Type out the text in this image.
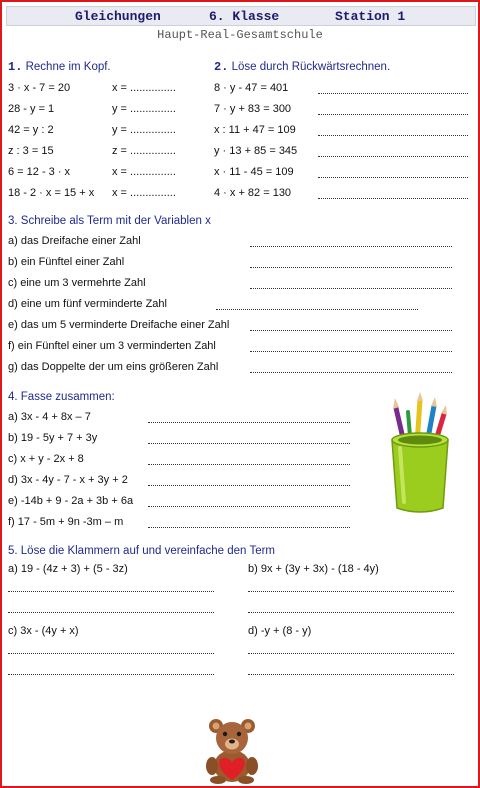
Gleichungen	6. Klasse	Station 1
Haupt-Real-Gesamtschule
1. Rechne im Kopf.
3 · x - 7 = 20	x = ...............
28 - y = 1	y = ...............
42 = y : 2	y = ...............
z : 3 = 15	z = ...............
6 = 12 - 3 · x	x = ...............
18 - 2 · x = 15 + x x = ...............
2. Löse durch Rückwärtsrechnen.
8 · y - 47 = 401
7 · y + 83 = 300
x : 11 + 47 = 109
y · 13 + 85 = 345
x · 11 - 45 = 109
4 · x + 82 = 130
3. Schreibe als Term mit der Variablen x
a) das Dreifache einer Zahl
b) ein Fünftel einer Zahl
c) eine um 3 vermehrte Zahl
d) eine um fünf verminderte Zahl
e) das um 5 verminderte Dreifache einer Zahl
f) ein Fünftel einer um 3 verminderten Zahl
g) das Doppelte der um eins größeren Zahl
4. Fasse zusammen:
a) 3x - 4 + 8x – 7
b) 19 - 5y + 7 + 3y
c) x + y - 2x + 8
d) 3x - 4y - 7 - x + 3y + 2
e) -14b + 9 - 2a + 3b + 6a
f) 17 - 5m + 9n -3m – m
5. Löse die Klammern auf und vereinfache den Term
a) 19 - (4z + 3) + (5 - 3z)	b) 9x + (3y + 3x) - (18 - 4y)
c) 3x - (4y + x)	d) -y + (8 - y)
